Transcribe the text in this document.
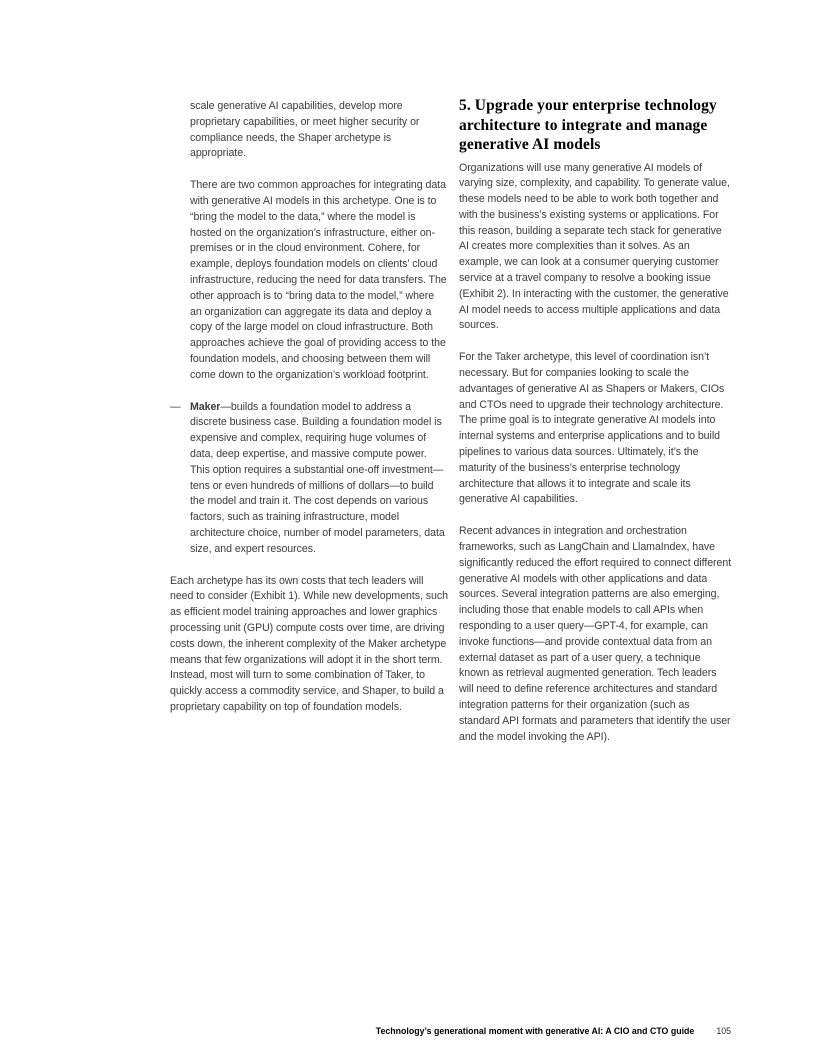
scale generative AI capabilities, develop more proprietary capabilities, or meet higher security or compliance needs, the Shaper archetype is appropriate.

There are two common approaches for integrating data with generative AI models in this archetype. One is to “bring the model to the data,” where the model is hosted on the organization’s infrastructure, either on-premises or in the cloud environment. Cohere, for example, deploys foundation models on clients’ cloud infrastructure, reducing the need for data transfers. The other approach is to “bring data to the model,” where an organization can aggregate its data and deploy a copy of the large model on cloud infrastructure. Both approaches achieve the goal of providing access to the foundation models, and choosing between them will come down to the organization’s workload footprint.

— Maker—builds a foundation model to address a discrete business case. Building a foundation model is expensive and complex, requiring huge volumes of data, deep expertise, and massive compute power. This option requires a substantial one-off investment—tens or even hundreds of millions of dollars—to build the model and train it. The cost depends on various factors, such as training infrastructure, model architecture choice, number of model parameters, data size, and expert resources.

Each archetype has its own costs that tech leaders will need to consider (Exhibit 1). While new developments, such as efficient model training approaches and lower graphics processing unit (GPU) compute costs over time, are driving costs down, the inherent complexity of the Maker archetype means that few organizations will adopt it in the short term. Instead, most will turn to some combination of Taker, to quickly access a commodity service, and Shaper, to build a proprietary capability on top of foundation models.

5. Upgrade your enterprise technology architecture to integrate and manage generative AI models

Organizations will use many generative AI models of varying size, complexity, and capability. To generate value, these models need to be able to work both together and with the business’s existing systems or applications. For this reason, building a separate tech stack for generative AI creates more complexities than it solves. As an example, we can look at a consumer querying customer service at a travel company to resolve a booking issue (Exhibit 2). In interacting with the customer, the generative AI model needs to access multiple applications and data sources.

For the Taker archetype, this level of coordination isn’t necessary. But for companies looking to scale the advantages of generative AI as Shapers or Makers, CIOs and CTOs need to upgrade their technology architecture. The prime goal is to integrate generative AI models into internal systems and enterprise applications and to build pipelines to various data sources. Ultimately, it’s the maturity of the business’s enterprise technology architecture that allows it to integrate and scale its generative AI capabilities.

Recent advances in integration and orchestration frameworks, such as LangChain and LlamaIndex, have significantly reduced the effort required to connect different generative AI models with other applications and data sources. Several integration patterns are also emerging, including those that enable models to call APIs when responding to a user query—GPT-4, for example, can invoke functions—and provide contextual data from an external dataset as part of a user query, a technique known as retrieval augmented generation. Tech leaders will need to define reference architectures and standard integration patterns for their organization (such as standard API formats and parameters that identify the user and the model invoking the API).

Technology’s generational moment with generative AI: A CIO and CTO guide	105
